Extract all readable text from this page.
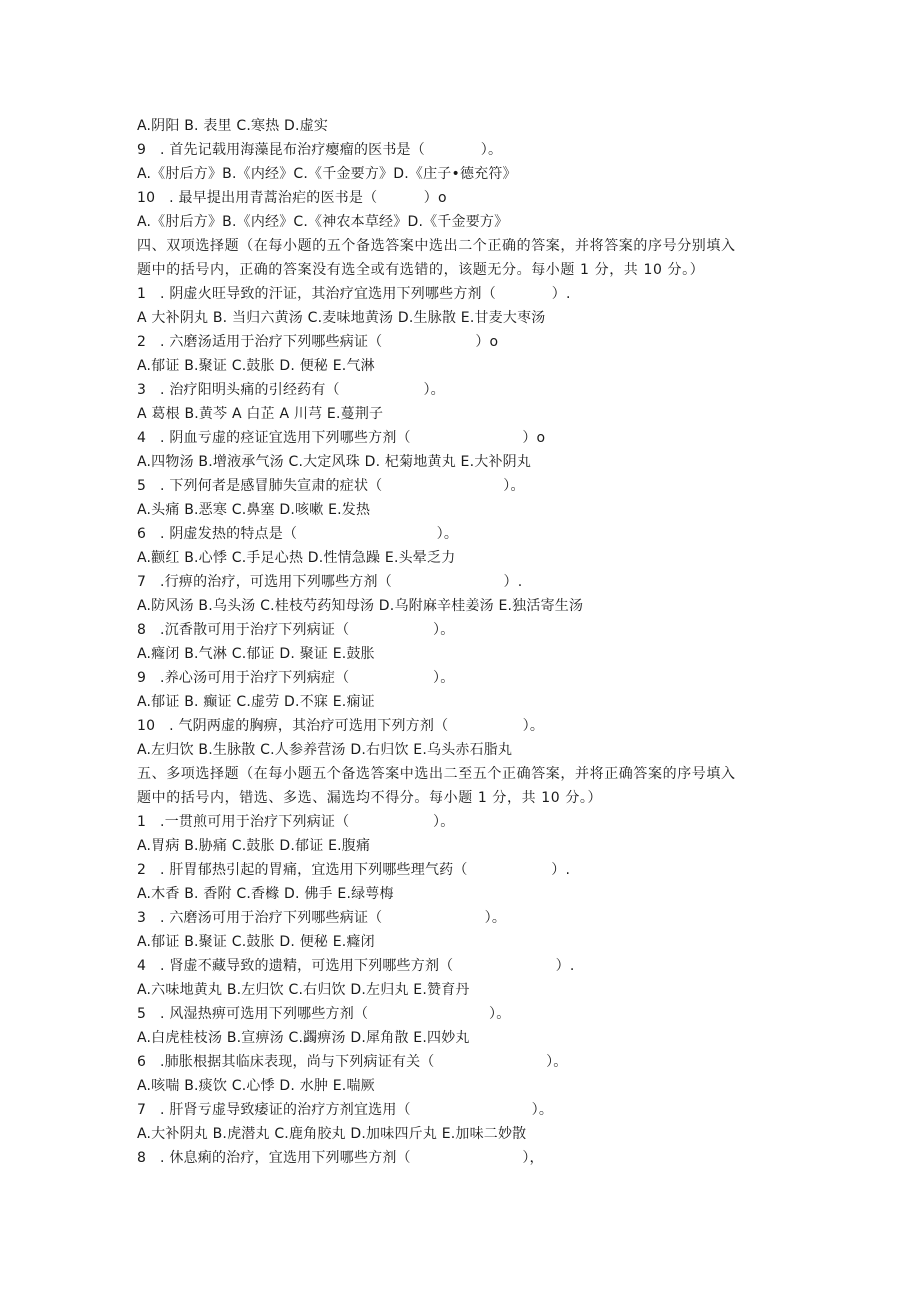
A.阴阳 B. 表里 C.寒热 D.虚实
9   . 首先记载用海藻昆布治疗瘿瘤的医书是（            ）。
A.《肘后方》B.《内经》C.《千金要方》D.《庄子•德充符》
10   . 最早提出用青蒿治疟的医书是（          ）o
A.《肘后方》B.《内经》C.《神农本草经》D.《千金要方》
四、双项选择题（在每小题的五个备选答案中选出二个正确的答案，并将答案的序号分别填入
题中的括号内，正确的答案没有选全或有选错的，该题无分。每小题 1 分，共 10 分。）
1   . 阴虚火旺导致的汗证，其治疗宜选用下列哪些方剂（            ）.
A 大补阴丸 B. 当归六黄汤 C.麦味地黄汤 D.生脉散 E.甘麦大枣汤
2   . 六磨汤适用于治疗下列哪些病证（                    ）o
A.郁证 B.聚证 C.鼓胀 D. 便秘 E.气淋
3   . 治疗阳明头痛的引经药有（                  ）。
A 葛根 B.黄芩 A 白芷 A 川芎 E.蔓荆子
4   . 阴血亏虚的痉证宜选用下列哪些方剂（                        ）o
A.四物汤 B.增液承气汤 C.大定风珠 D. 杞菊地黄丸 E.大补阴丸
5   . 下列何者是感冒肺失宣肃的症状（                          ）。
A.头痛 B.恶寒 C.鼻塞 D.咳嗽 E.发热
6   . 阴虚发热的特点是（                              ）。
A.颧红 B.心悸 C.手足心热 D.性情急躁 E.头晕乏力
7   .行痹的治疗，可选用下列哪些方剂（                        ）.
A.防风汤 B.乌头汤 C.桂枝芍药知母汤 D.乌附麻辛桂姜汤 E.独活寄生汤
8   .沉香散可用于治疗下列病证（                  ）。
A.癃闭 B.气淋 C.郁证 D. 聚证 E.鼓胀
9   .养心汤可用于治疗下列病症（                  ）。
A.郁证 B. 癫证 C.虚劳 D.不寐 E.痫证
10   . 气阴两虚的胸痹，其治疗可选用下列方剂（                ）。
A.左归饮 B.生脉散 C.人参养营汤 D.右归饮 E.乌头赤石脂丸
五、多项选择题（在每小题五个备选答案中选出二至五个正确答案，并将正确答案的序号填入
题中的括号内，错选、多选、漏选均不得分。每小题 1 分，共 10 分。）
1   .一贯煎可用于治疗下列病证（                  ）。
A.胃病 B.胁痛 C.鼓胀 D.郁证 E.腹痛
2   . 肝胃郁热引起的胃痛，宜选用下列哪些理气药（                  ）.
A.木香 B. 香附 C.香橼 D. 佛手 E.绿萼梅
3   . 六磨汤可用于治疗下列哪些病证（                      ）。
A.郁证 B.聚证 C.鼓胀 D. 便秘 E.癃闭
4   . 肾虚不藏导致的遗精，可选用下列哪些方剂（                      ）.
A.六味地黄丸 B.左归饮 C.右归饮 D.左归丸 E.赞育丹
5   . 风湿热痹可选用下列哪些方剂（                          ）。
A.白虎桂枝汤 B.宣痹汤 C.蠲痹汤 D.犀角散 E.四妙丸
6   .肺胀根据其临床表现，尚与下列病证有关（                        ）。
A.咳喘 B.痰饮 C.心悸 D. 水肿 E.喘厥
7   . 肝肾亏虚导致痿证的治疗方剂宜选用（                          ）。
A.大补阴丸 B.虎潜丸 C.鹿角胶丸 D.加味四斤丸 E.加味二妙散
8   . 休息痢的治疗，宜选用下列哪些方剂（                        ），
